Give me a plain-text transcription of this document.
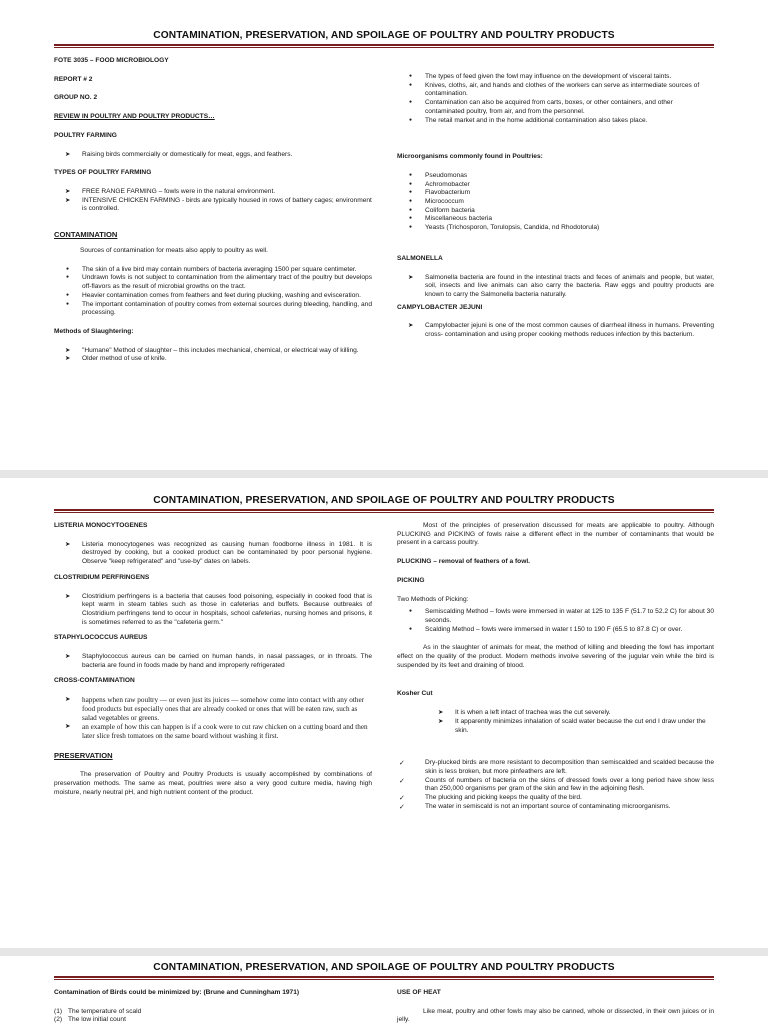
CONTAMINATION, PRESERVATION, AND SPOILAGE OF POULTRY AND POULTRY PRODUCTS

FOTE 3035 – FOOD MICROBIOLOGY

REPORT # 2

GROUP NO. 2

REVIEW IN POULTRY AND POULTRY PRODUCTS…

POULTRY FARMING

➤ Raising birds commercially or domestically for meat, eggs, and feathers.

TYPES OF POULTRY FARMING

➤ FREE RANGE FARMING – fowls were in the natural environment.
➤ INTENSIVE CHICKEN FARMING - birds are typically housed in rows of battery cages; environment is controlled.

CONTAMINATION

Sources of contamination for meats also apply to poultry as well.

● The skin of a live bird may contain numbers of bacteria averaging 1500 per square centimeter.
● Undrawn fowls is not subject to contamination from the alimentary tract of the poultry but develops off-flavors as the result of microbial growths on the tract.
● Heavier contamination comes from feathers and feet during plucking, washing and evisceration.
● The important contamination of poultry comes from external sources during bleeding, handling, and processing.

Methods of Slaughtering:

➤ "Humane" Method of slaughter – this includes mechanical, chemical, or electrical way of killing.
➤ Older method of use of knife.
● The types of feed given the fowl may influence on the development of visceral taints.
● Knives, cloths, air, and hands and clothes of the workers can serve as intermediate sources of contamination.
● Contamination can also be acquired from carts, boxes, or other containers, and other contaminated poultry, from air, and from the personnel.
● The retail market and in the home additional contamination also takes place.

Microorganisms commonly found in Poultries:

● Pseudomonas
● Achromobacter
● Flavobacterium
● Micrococcum
● Coliform bacteria
● Miscellaneous bacteria
● Yeasts (Trichosporon, Torulopsis, Candida, nd Rhodotorula)

SALMONELLA

➤ Salmonella bacteria are found in the intestinal tracts and feces of animals and people, but water, soil, insects and live animals can also carry the bacteria. Raw eggs and poultry products are known to carry the Salmonella bacteria naturally.

CAMPYLOBACTER JEJUNI

➤ Campylobacter jejuni is one of the most common causes of diarrheal illness in humans. Preventing cross- contamination and using proper cooking methods reduces infection by this bacterium.
CONTAMINATION, PRESERVATION, AND SPOILAGE OF POULTRY AND POULTRY PRODUCTS

LISTERIA MONOCYTOGENES

➤ Listeria monocytogenes was recognized as causing human foodborne illness in 1981. It is destroyed by cooking, but a cooked product can be contaminated by poor personal hygiene. Observe "keep refrigerated" and "use-by" dates on labels.

CLOSTRIDIUM PERFRINGENS

➤ Clostridium perfringens is a bacteria that causes food poisoning, especially in cooked food that is kept warm in steam tables such as those in cafeterias and buffets. Because outbreaks of Clostridium perfringens tend to occur in hospitals, school cafeterias, nursing homes and prisons, it is sometimes referred to as the "cafeteria germ."

STAPHYLOCOCCUS AUREUS

➤ Staphylococcus aureus can be carried on human hands, in nasal passages, or in throats. The bacteria are found in foods made by hand and improperly refrigerated

CROSS-CONTAMINATION

➤ happens when raw poultry — or even just its juices — somehow come into contact with any other food products but especially ones that are already cooked or ones that will be eaten raw, such as salad vegetables or greens.
➤ an example of how this can happen is if a cook were to cut raw chicken on a cutting board and then later slice fresh tomatoes on the same board without washing it first.

PRESERVATION

The preservation of Poultry and Poultry Products is usually accomplished by combinations of preservation methods. The same as meat, poultries were also a very good culture media, having high moisture, nearly neutral pH, and high nutrient content of the product.

Most of the principles of preservation discussed for meats are applicable to poultry. Although PLUCKING and PICKING of fowls raise a different effect in the number of contaminants that would be present in a carcass poultry.

PLUCKING – removal of feathers of a fowl.

PICKING

Two Methods of Picking:

● Semiscalding Method – fowls were immersed in water at 125 to 135 F (51.7 to 52.2 C) for about 30 seconds.
● Scalding Method – fowls were immersed in water t 150 to 190 F (65.5 to 87.8 C) or over.

As in the slaughter of animals for meat, the method of killing and bleeding the fowl has important effect on the quality of the product. Modern methods involve severing of the jugular vein while the bird is suspended by its feet and draining of blood.

Kosher Cut

➤ It is when a left intact of trachea was the cut severely.
➤ It apparently minimizes inhalation of scald water because the cut end I draw under the skin.
✓ Dry-plucked birds are more resistant to decomposition than semiscalded and scalded because the skin is less broken, but more pinfeathers are left.
✓ Counts of numbers of bacteria on the skins of dressed fowls over a long period have show less than 250,000 organisms per gram of the skin and few in the adjoining flesh.
✓ The plucking and picking keeps the quality of the bird.
✓ The water in semiscald is not an important source of contaminating microorganisms.
CONTAMINATION, PRESERVATION, AND SPOILAGE OF POULTRY AND POULTRY PRODUCTS

Contamination of Birds could be minimized by: (Brune and Cunningham 1971)

(1) The temperature of scald
(2) The low initial count

USE OF HEAT

Like meat, poultry and other fowls may also be canned, whole or dissected, in their own juices or in jelly.
